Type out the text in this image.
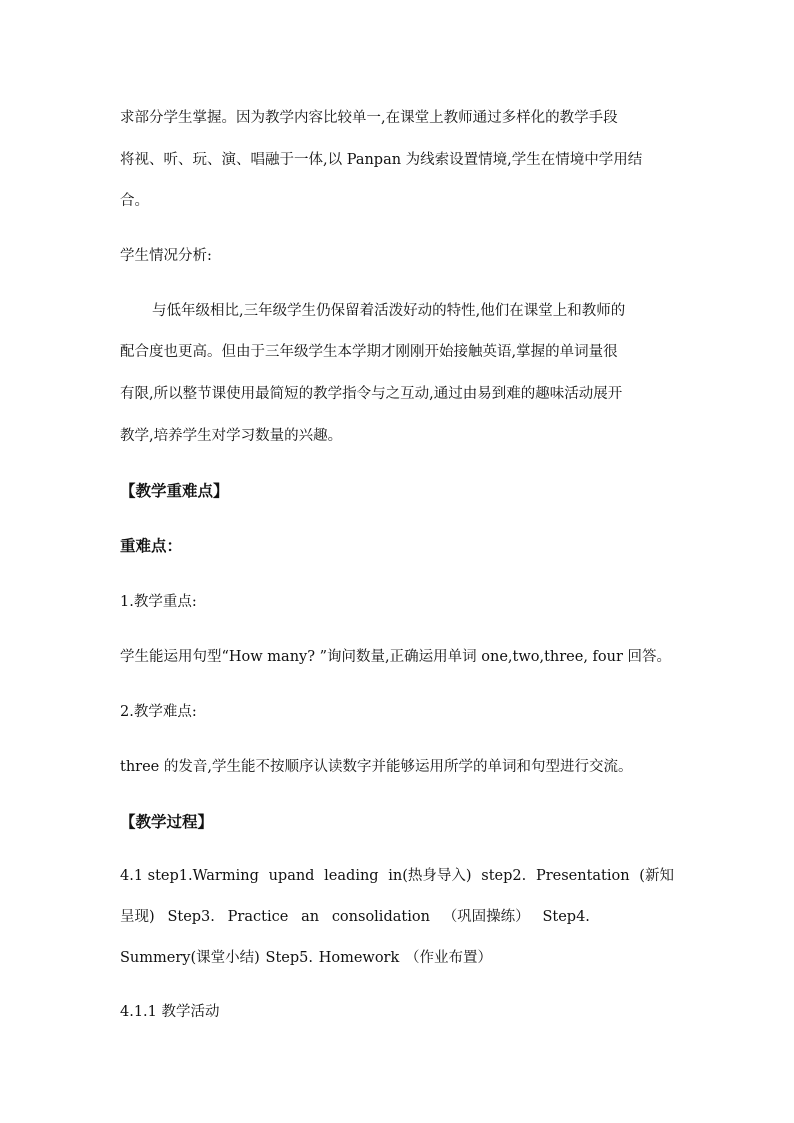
求部分学生掌握。因为教学内容比较单一,在课堂上教师通过多样化的教学手段
将视、听、玩、演、唱融于一体,以 Panpan 为线索设置情境,学生在情境中学用结
合。
学生情况分析:
与低年级相比,三年级学生仍保留着活泼好动的特性,他们在课堂上和教师的
配合度也更高。但由于三年级学生本学期才刚刚开始接触英语,掌握的单词量很
有限,所以整节课使用最简短的教学指令与之互动,通过由易到难的趣味活动展开
教学,培养学生对学习数量的兴趣。
【教学重难点】
重难点：
1.教学重点:
学生能运用句型“How many? ”询问数量,正确运用单词 one,two,three, four 回答。
2.教学难点:
three 的发音,学生能不按顺序认读数字并能够运用所学的单词和句型进行交流。
【教学过程】
4.1 step1.Warming upand leading in(热身导入) step2. Presentation (新知
呈现) Step3. Practice an consolidation （巩固操练） Step4.
Summery(课堂小结) Step5. Homework （作业布置）
4.1.1 教学活动
